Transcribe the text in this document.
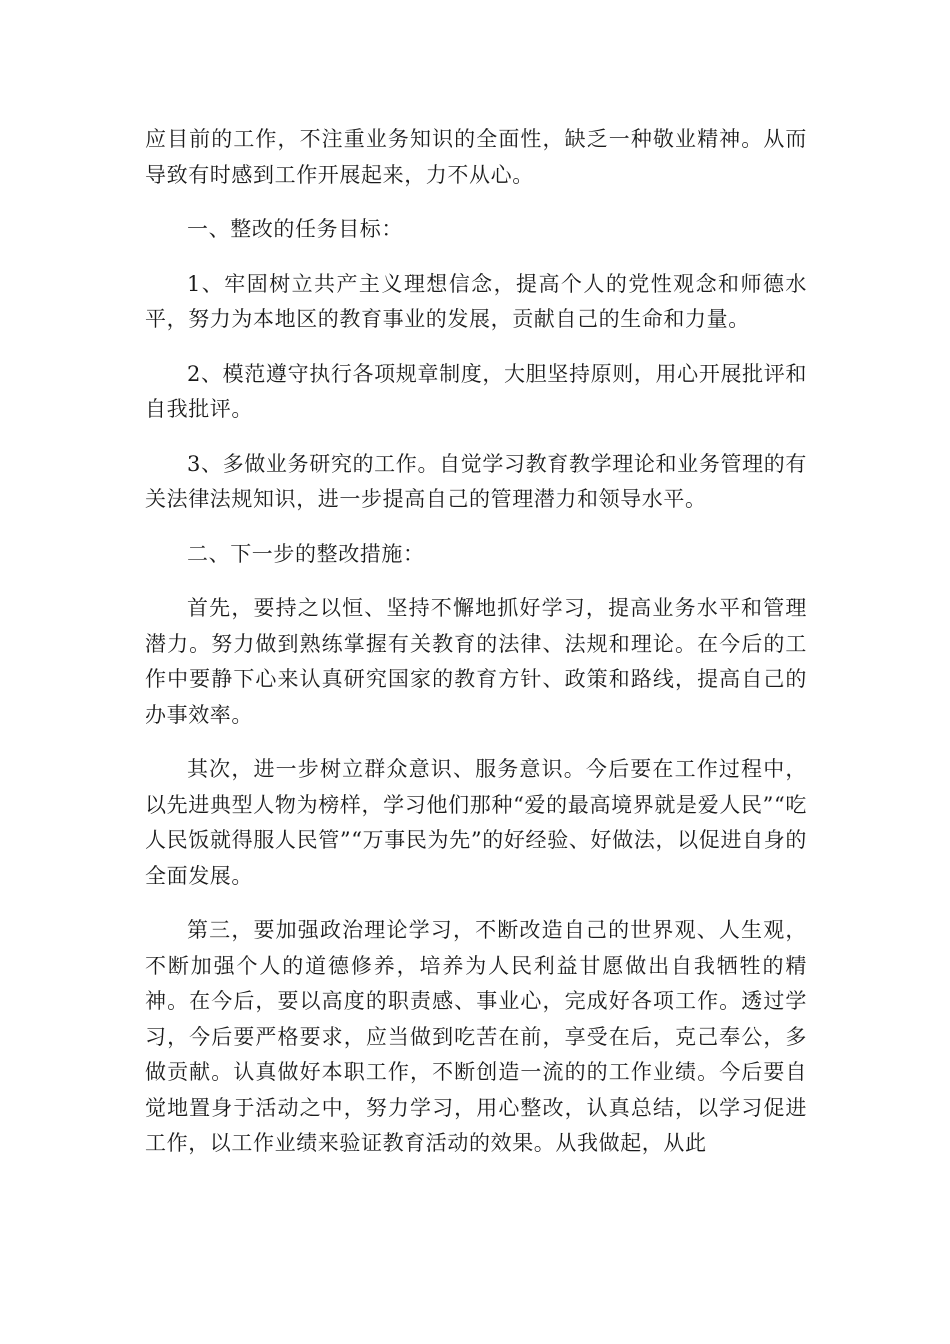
应目前的工作，不注重业务知识的全面性，缺乏一种敬业精神。从而导致有时感到工作开展起来，力不从心。

一、整改的任务目标：

1、牢固树立共产主义理想信念，提高个人的党性观念和师德水平，努力为本地区的教育事业的发展，贡献自己的生命和力量。

2、模范遵守执行各项规章制度，大胆坚持原则，用心开展批评和自我批评。

3、多做业务研究的工作。自觉学习教育教学理论和业务管理的有关法律法规知识，进一步提高自己的管理潜力和领导水平。

二、下一步的整改措施：

首先，要持之以恒、坚持不懈地抓好学习，提高业务水平和管理潜力。努力做到熟练掌握有关教育的法律、法规和理论。在今后的工作中要静下心来认真研究国家的教育方针、政策和路线，提高自己的办事效率。

其次，进一步树立群众意识、服务意识。今后要在工作过程中，以先进典型人物为榜样，学习他们那种“爱的最高境界就是爱人民”“吃人民饭就得服人民管”“万事民为先”的好经验、好做法，以促进自身的全面发展。

第三，要加强政治理论学习，不断改造自己的世界观、人生观，不断加强个人的道德修养，培养为人民利益甘愿做出自我牺牲的精神。在今后，要以高度的职责感、事业心，完成好各项工作。透过学习，今后要严格要求，应当做到吃苦在前，享受在后，克己奉公，多做贡献。认真做好本职工作，不断创造一流的的工作业绩。今后要自觉地置身于活动之中，努力学习，用心整改，认真总结，以学习促进工作，以工作业绩来验证教育活动的效果。从我做起，从此
